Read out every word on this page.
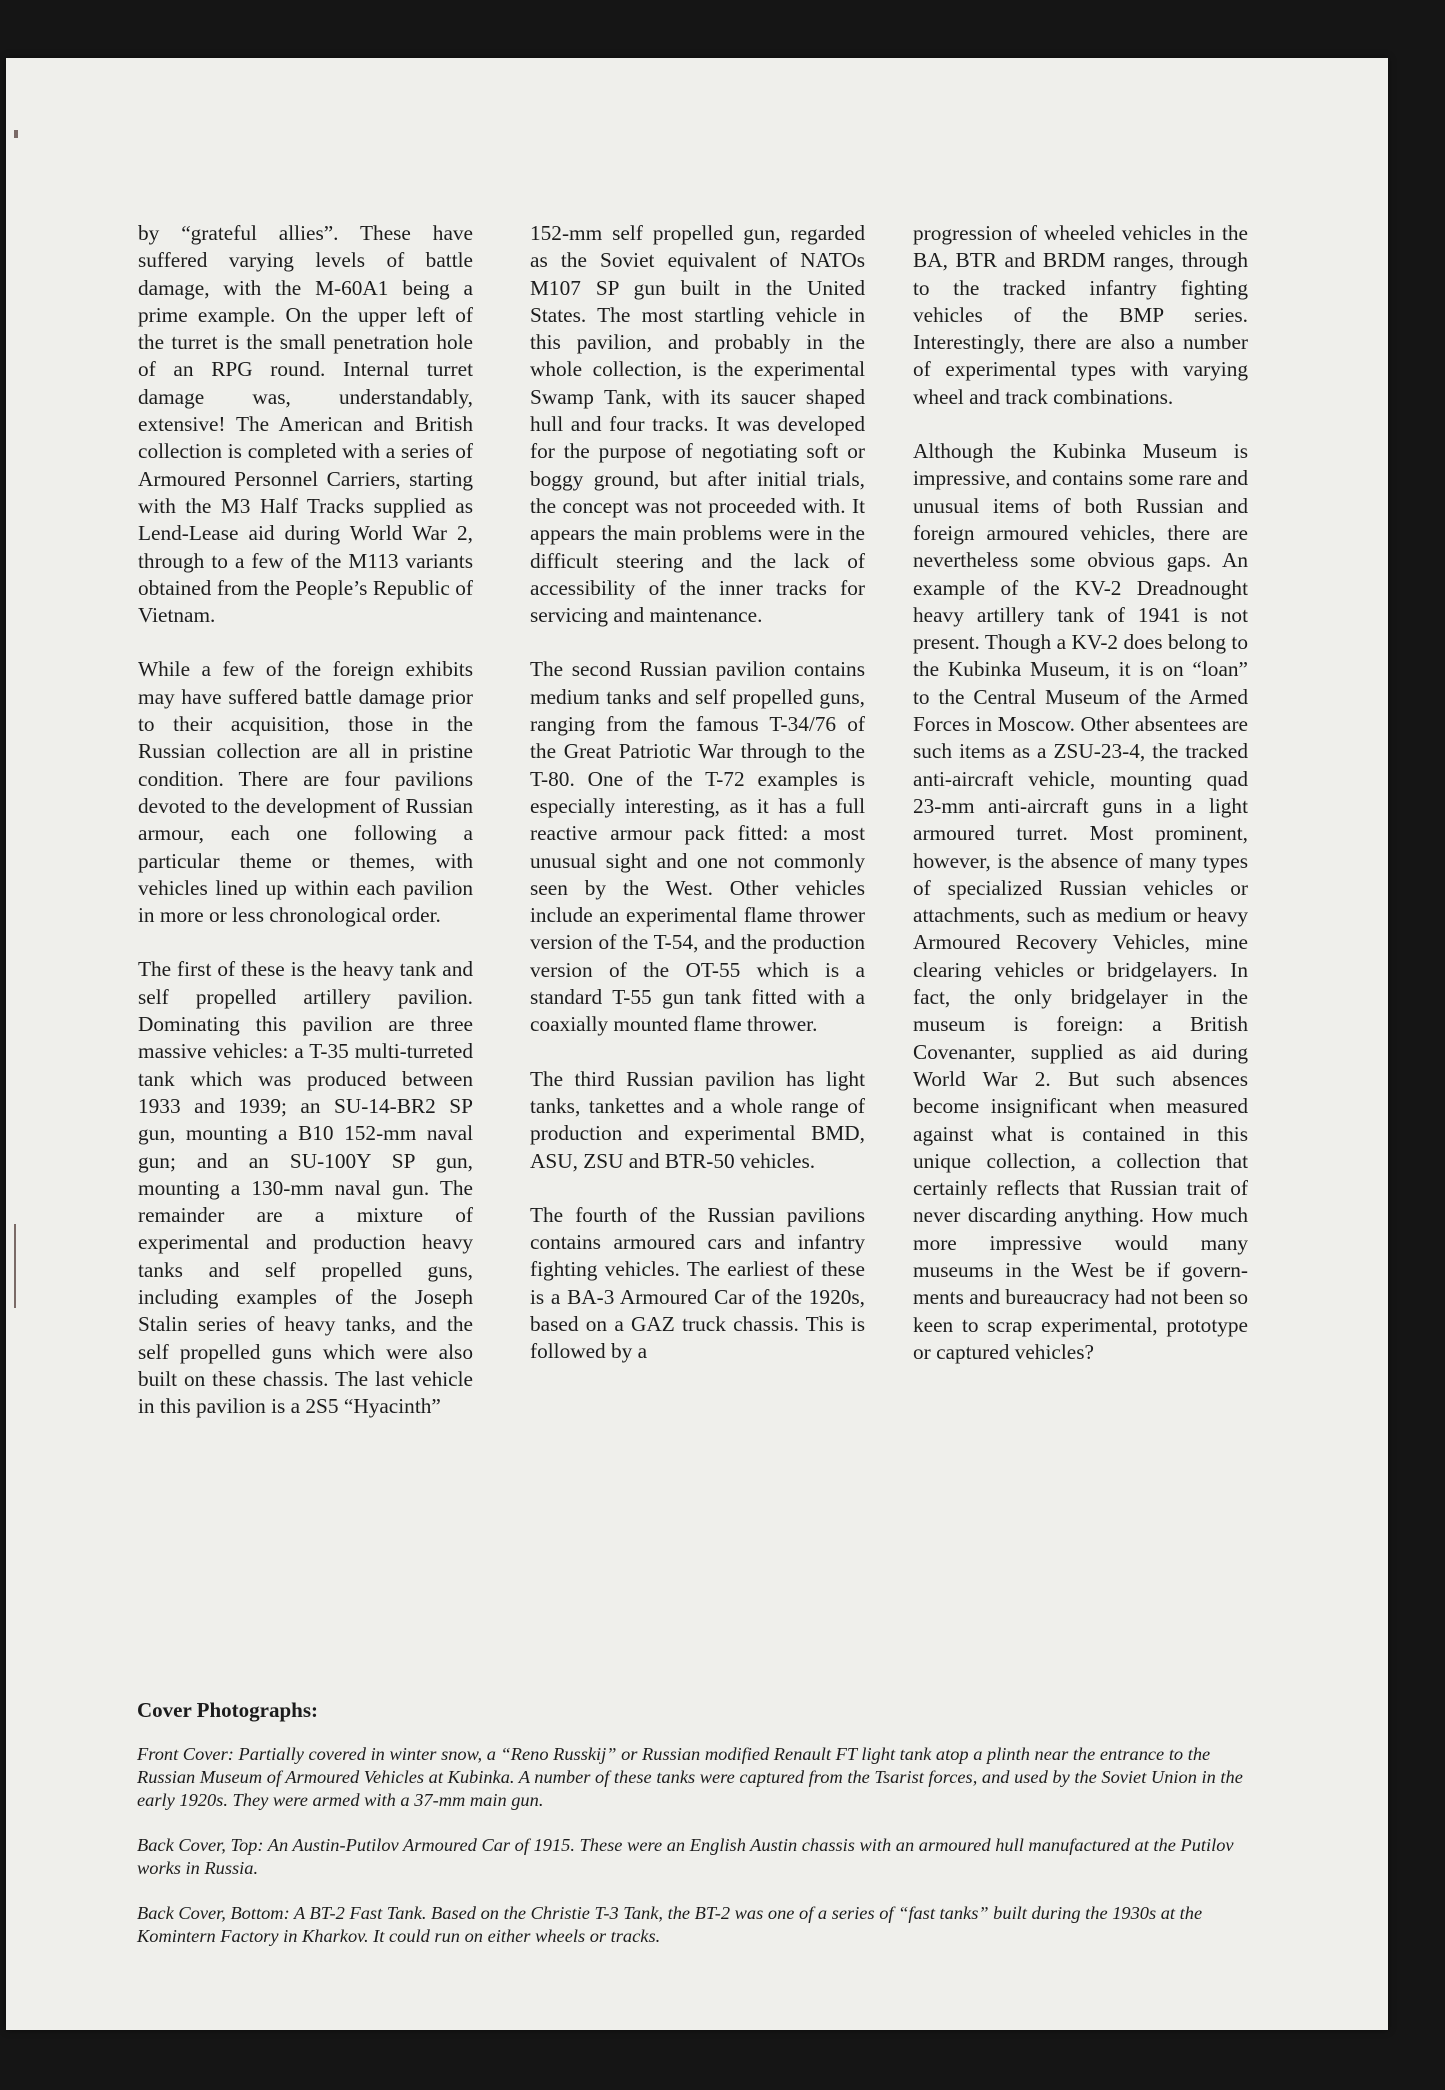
by “grateful allies”. These have suffered varying levels of battle damage, with the M-60A1 being a prime example. On the upper left of the turret is the small penetration hole of an RPG round. Internal turret damage was, understandably, extensive! The American and British collection is completed with a series of Armoured Personnel Carriers, starting with the M3 Half Tracks supplied as Lend-Lease aid during World War 2, through to a few of the M113 variants obtained from the People’s Republic of Vietnam.

While a few of the foreign exhibits may have suffered battle damage prior to their acquisition, those in the Russian collection are all in pristine condition. There are four pavilions devoted to the development of Russian armour, each one following a particular theme or themes, with vehicles lined up within each pavilion in more or less chronological order.

The first of these is the heavy tank and self propelled artillery pavilion. Dominating this pavilion are three massive vehicles: a T-35 multi-turreted tank which was produced between 1933 and 1939; an SU-14-BR2 SP gun, mounting a B10 152-mm naval gun; and an SU-100Y SP gun, mounting a 130-mm naval gun. The remainder are a mixture of experimental and production heavy tanks and self propelled guns, including examples of the Joseph Stalin series of heavy tanks, and the self propelled guns which were also built on these chassis. The last vehicle in this pavilion is a 2S5 “Hyacinth”

152-mm self propelled gun, regarded as the Soviet equivalent of NATOs M107 SP gun built in the United States. The most startling vehicle in this pavilion, and probably in the whole collection, is the experimental Swamp Tank, with its saucer shaped hull and four tracks. It was developed for the purpose of negotiating soft or boggy ground, but after initial trials, the concept was not proceeded with. It appears the main problems were in the difficult steering and the lack of accessibility of the inner tracks for servicing and maintenance.

The second Russian pavilion contains medium tanks and self propelled guns, ranging from the famous T-34/76 of the Great Patriotic War through to the T-80. One of the T-72 examples is especially interesting, as it has a full reactive armour pack fitted: a most unusual sight and one not commonly seen by the West. Other vehicles include an experimental flame thrower version of the T-54, and the production version of the OT-55 which is a standard T-55 gun tank fitted with a coaxially mounted flame thrower.

The third Russian pavilion has light tanks, tankettes and a whole range of production and experimental BMD, ASU, ZSU and BTR-50 vehicles.

The fourth of the Russian pavilions contains armoured cars and infantry fighting vehicles. The earliest of these is a BA-3 Armoured Car of the 1920s, based on a GAZ truck chassis. This is followed by a

progression of wheeled vehicles in the BA, BTR and BRDM ranges, through to the tracked infantry fighting vehicles of the BMP series. Interestingly, there are also a number of experimental types with varying wheel and track combinations.

Although the Kubinka Museum is impressive, and contains some rare and unusual items of both Russian and foreign armoured vehicles, there are nevertheless some obvious gaps. An example of the KV-2 Dreadnought heavy artillery tank of 1941 is not present. Though a KV-2 does belong to the Kubinka Museum, it is on “loan” to the Central Museum of the Armed Forces in Moscow. Other absentees are such items as a ZSU-23-4, the tracked anti-aircraft vehicle, mounting quad 23-mm anti-aircraft guns in a light armoured turret. Most prominent, however, is the absence of many types of specialized Russian vehicles or attachments, such as medium or heavy Armoured Recovery Vehicles, mine clearing vehicles or bridgelayers. In fact, the only bridgelayer in the museum is foreign: a British Covenanter, supplied as aid during World War 2. But such absences become insignificant when measured against what is contained in this unique collection, a collection that certainly reflects that Russian trait of never discarding anything. How much more impressive would many museums in the West be if governments and bureaucracy had not been so keen to scrap experimental, prototype or captured vehicles?

Cover Photographs:

Front Cover: Partially covered in winter snow, a “Reno Russkij” or Russian modified Renault FT light tank atop a plinth near the entrance to the Russian Museum of Armoured Vehicles at Kubinka. A number of these tanks were captured from the Tsarist forces, and used by the Soviet Union in the early 1920s. They were armed with a 37-mm main gun.

Back Cover, Top: An Austin-Putilov Armoured Car of 1915. These were an English Austin chassis with an armoured hull manufactured at the Putilov works in Russia.

Back Cover, Bottom: A BT-2 Fast Tank. Based on the Christie T-3 Tank, the BT-2 was one of a series of “fast tanks” built during the 1930s at the Komintern Factory in Kharkov. It could run on either wheels or tracks.
